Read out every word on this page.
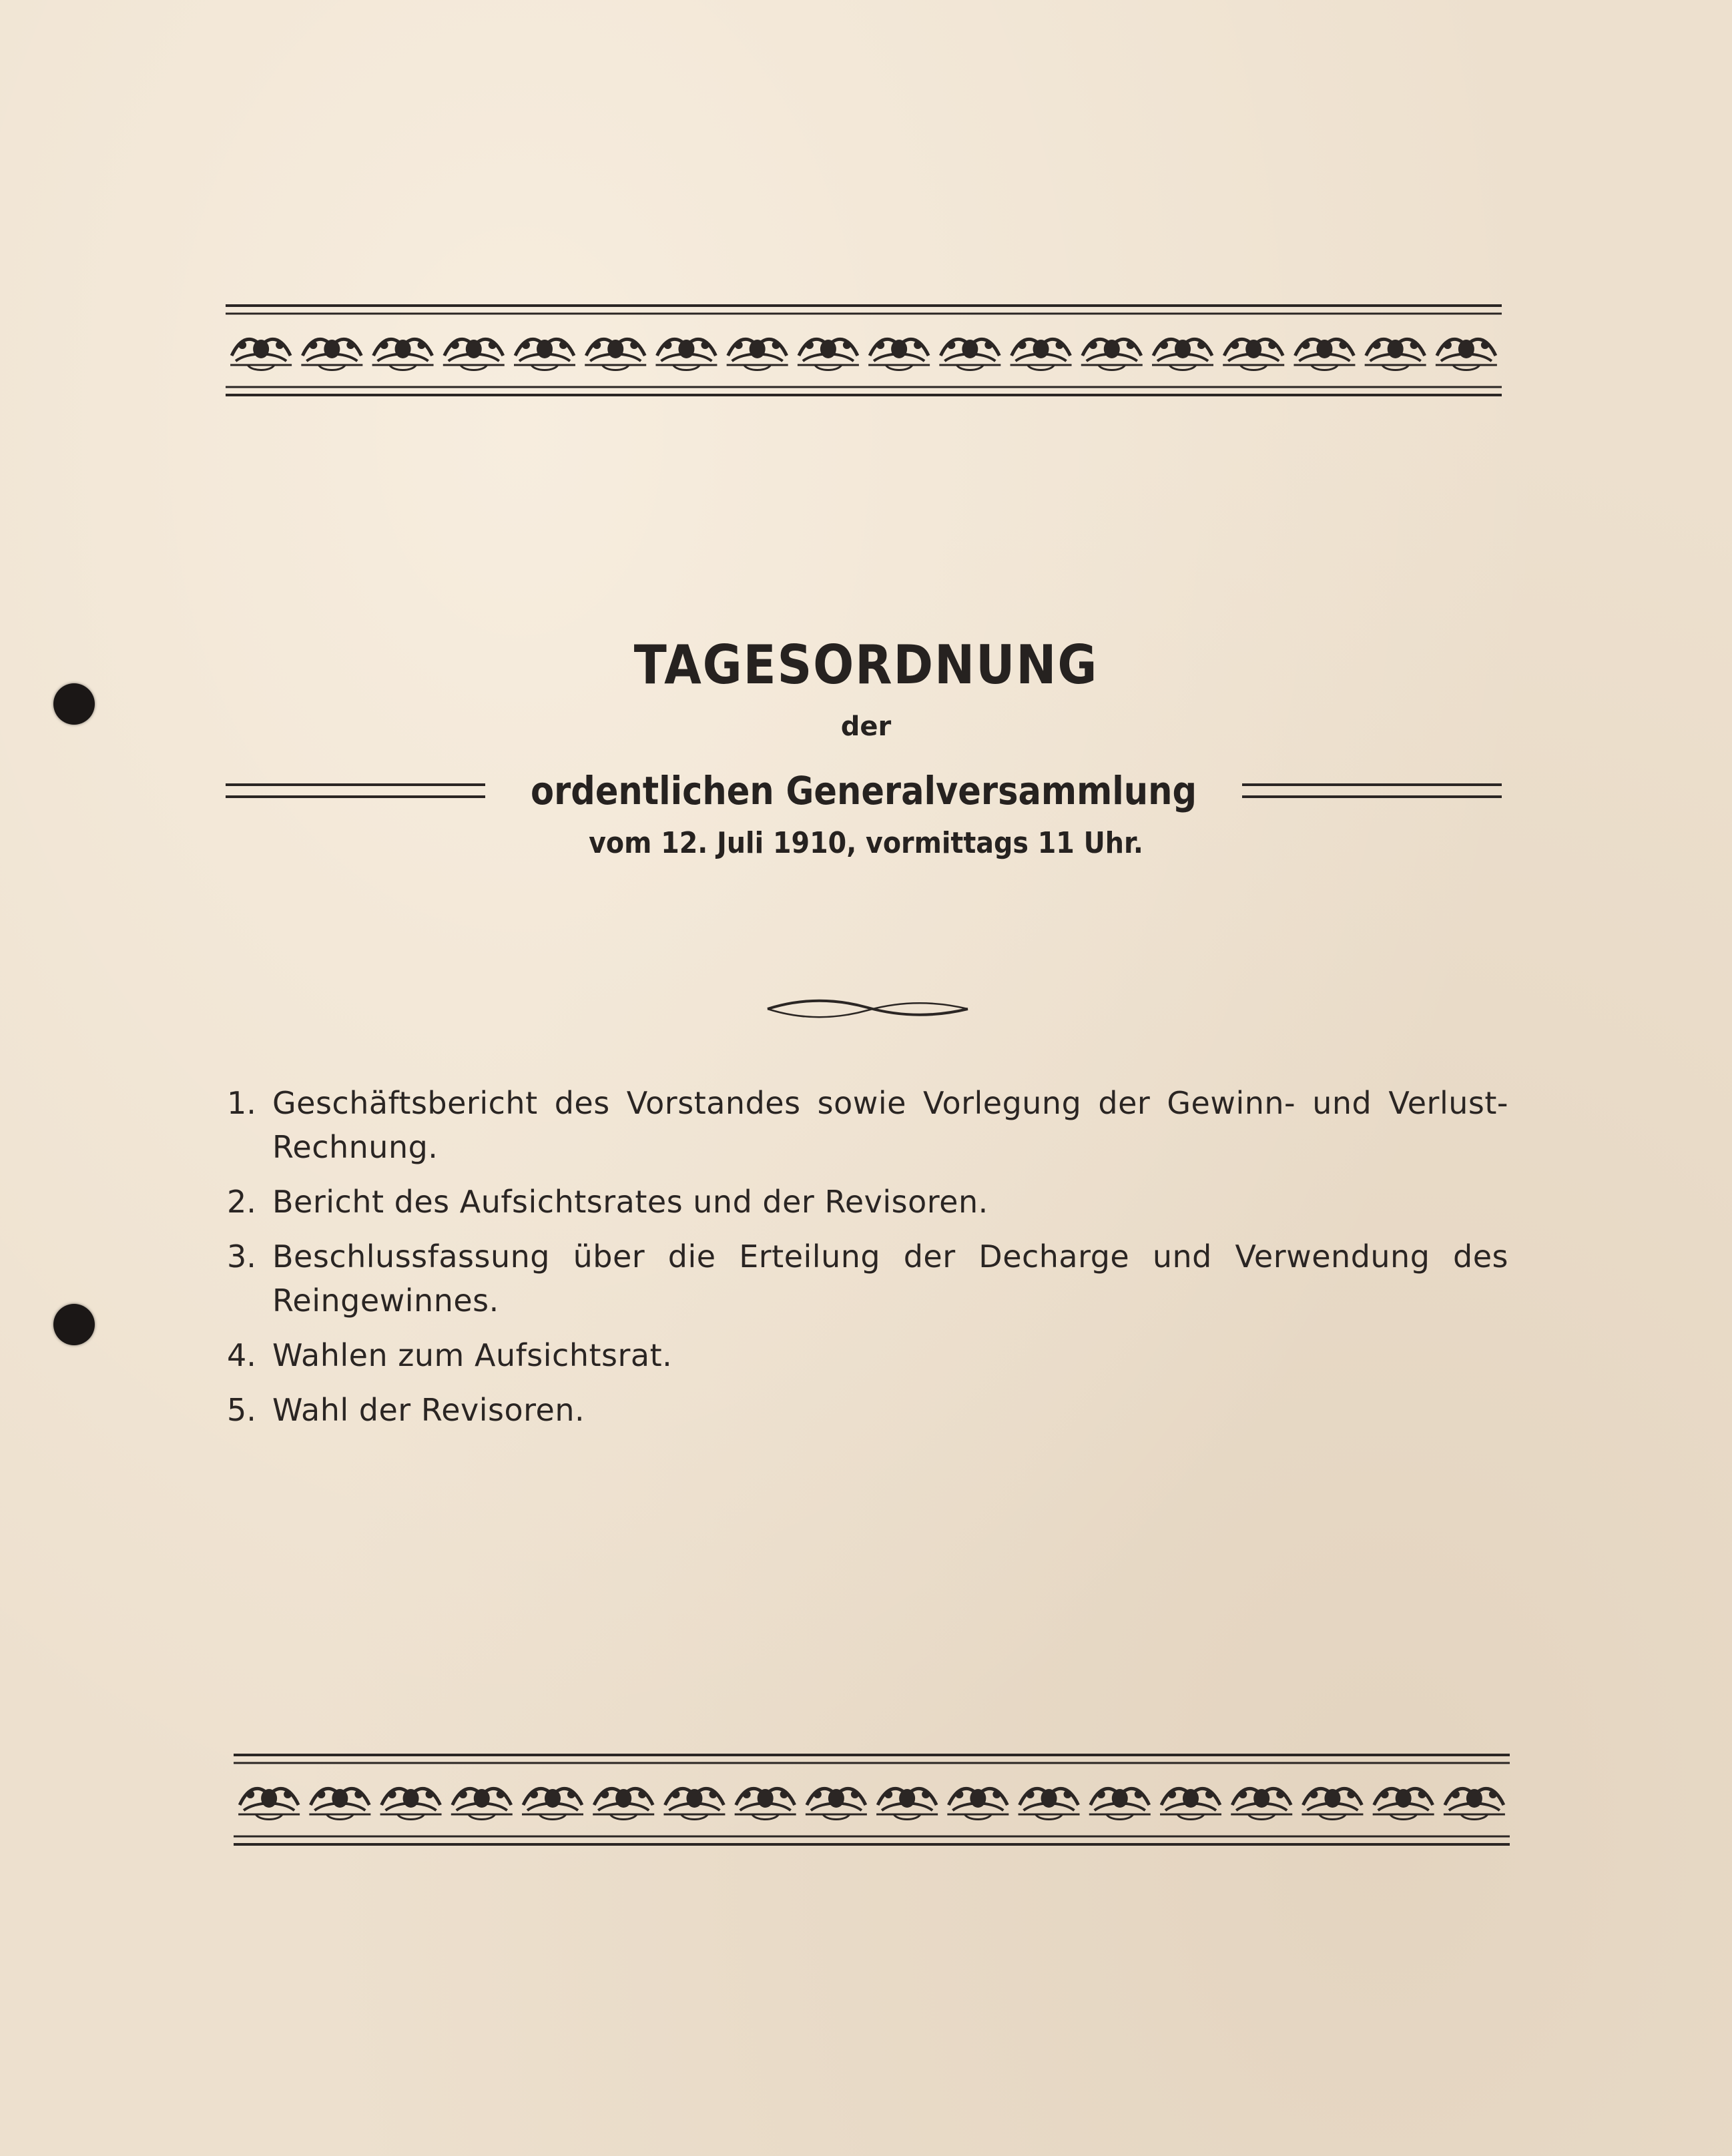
TAGESORDNUNG
der
ordentlichen Generalversammlung
vom 12. Juli 1910, vormittags 11 Uhr.
1. Geschäftsbericht des Vorstandes sowie Vorlegung der Gewinn- und Verlust-Rechnung.
2. Bericht des Aufsichtsrates und der Revisoren.
3. Beschlussfassung über die Erteilung der Decharge und Verwendung des Reingewinnes.
4. Wahlen zum Aufsichtsrat.
5. Wahl der Revisoren.
